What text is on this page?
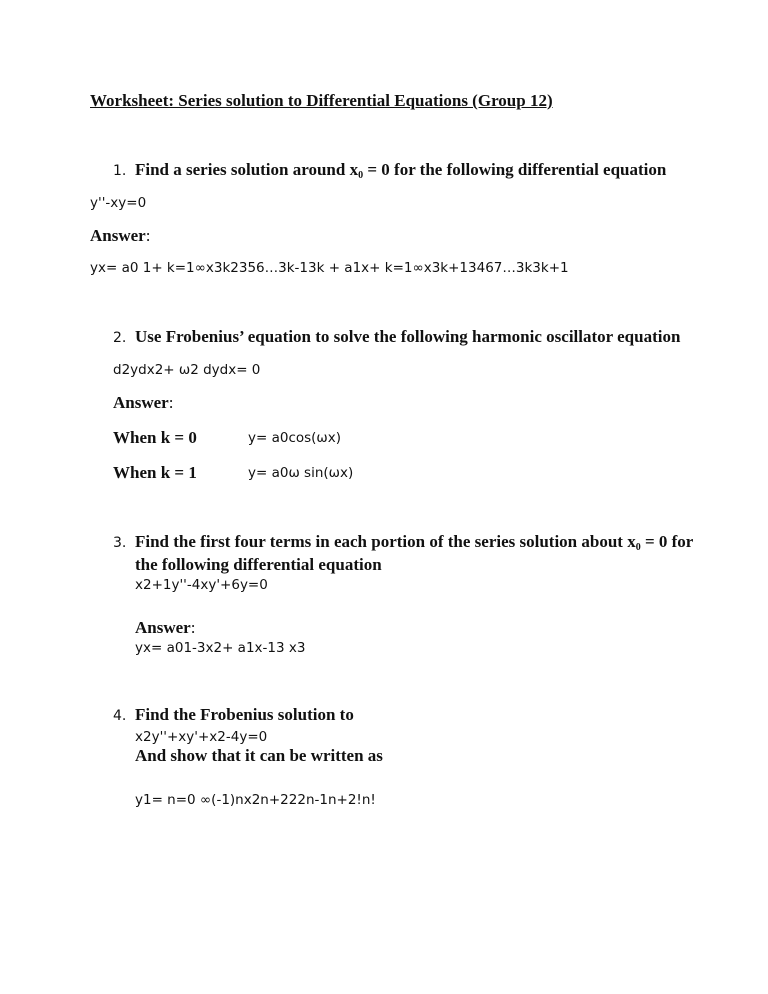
Worksheet: Series solution to Differential Equations (Group 12)
1. Find a series solution around $x_0 = 0$ for the following differential equation
y''-xy=0
Answer:
yx= a0 1+ k=1∞x3k2356…3k-13k + a1x+ k=1∞x3k+13467…3k3k+1
2. Use Frobenius’ equation to solve the following harmonic oscillator equation
d2ydx2+ ω2 dydx= 0
Answer:
When k = 0	y= a0cos(ωx)
When k = 1	y= a0ω sin(ωx)
3. Find the first four terms in each portion of the series solution about $x_0 = 0$ for
the following differential equation
x2+1y''-4xy'+6y=0
Answer:
yx= a01-3x2+ a1x-13 x3
4. Find the Frobenius solution to
x2y''+xy'+x2-4y=0
And show that it can be written as
y1= n=0 ∞(-1)nx2n+222n-1n+2!n!
